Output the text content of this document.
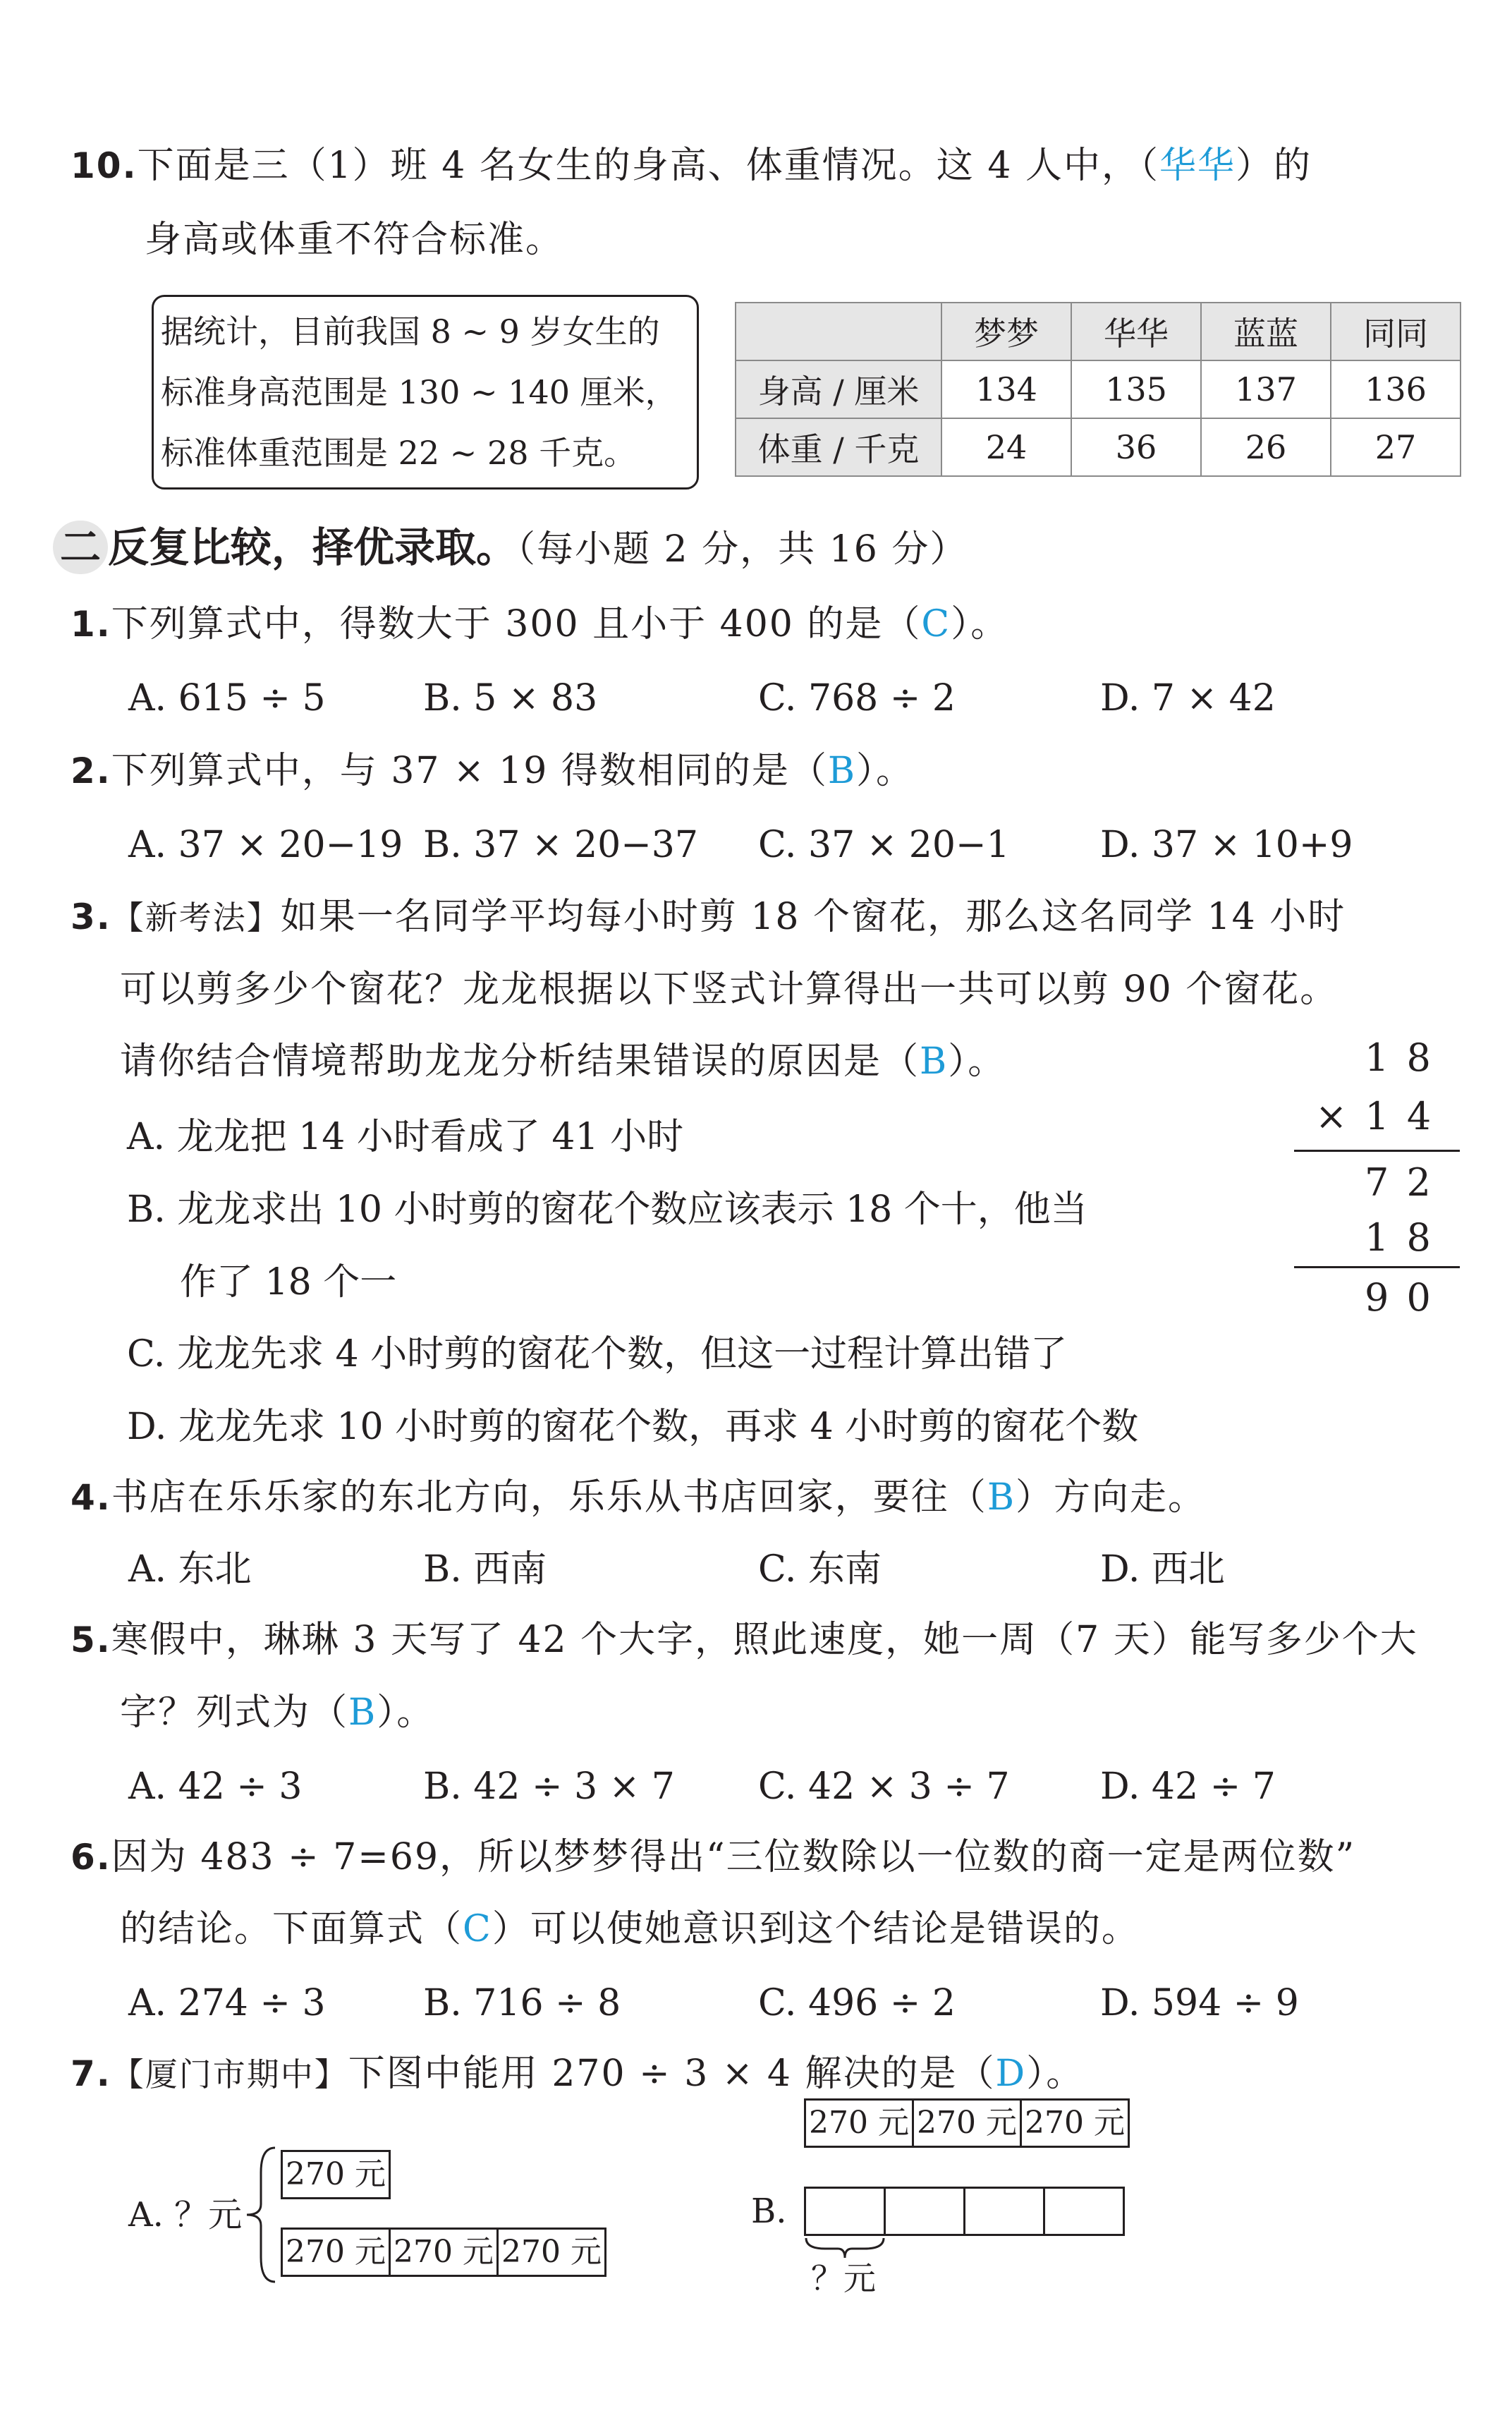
10.下面是三（1）班 4 名女生的身高、体重情况。这 4 人中，（华华）的
身高或体重不符合标准。
据统计，目前我国 8 ~ 9 岁女生的
标准身高范围是 130 ~ 140 厘米，
标准体重范围是 22 ~ 28 千克。
	梦梦	华华	蓝蓝	同同
身高 / 厘米	134	135	137	136
体重 / 千克	24	36	26	27
二 反复比较，择优录取。（每小题 2 分，共 16 分）
1.下列算式中，得数大于 300 且小于 400 的是（C）。
A. 615 ÷ 5	B. 5 × 83	C. 768 ÷ 2	D. 7 × 42
2.下列算式中，与 37 × 19 得数相同的是（B）。
A. 37 × 20−19 B. 37 × 20−37 C. 37 × 20−1 D. 37 × 10+9
3.【新考法】如果一名同学平均每小时剪 18 个窗花，那么这名同学 14 小时
可以剪多少个窗花？龙龙根据以下竖式计算得出一共可以剪 90 个窗花。
请你结合情境帮助龙龙分析结果错误的原因是（B）。
A. 龙龙把 14 小时看成了 41 小时
B. 龙龙求出 10 小时剪的窗花个数应该表示 18 个十，他当
作了 18 个一
C. 龙龙先求 4 小时剪的窗花个数，但这一过程计算出错了
D. 龙龙先求 10 小时剪的窗花个数，再求 4 小时剪的窗花个数
1 8
× 1 4
7 2
1 8
9 0
4.书店在乐乐家的东北方向，乐乐从书店回家，要往（B）方向走。
A. 东北	B. 西南	C. 东南	D. 西北
5.寒假中，琳琳 3 天写了 42 个大字，照此速度，她一周（7 天）能写多少个大
字？列式为（B）。
A. 42 ÷ 3	B. 42 ÷ 3 × 7 C. 42 × 3 ÷ 7 D. 42 ÷ 7
6.因为 483 ÷ 7=69，所以梦梦得出“三位数除以一位数的商一定是两位数”
的结论。下面算式（C）可以使她意识到这个结论是错误的。
A. 274 ÷ 3	B. 716 ÷ 8	C. 496 ÷ 2	D. 594 ÷ 9
7.【厦门市期中】下图中能用 270 ÷ 3 × 4 解决的是（D）。
A. ？元
270 元
270 元 270 元 270 元
270 元 270 元 270 元
B.
？元
